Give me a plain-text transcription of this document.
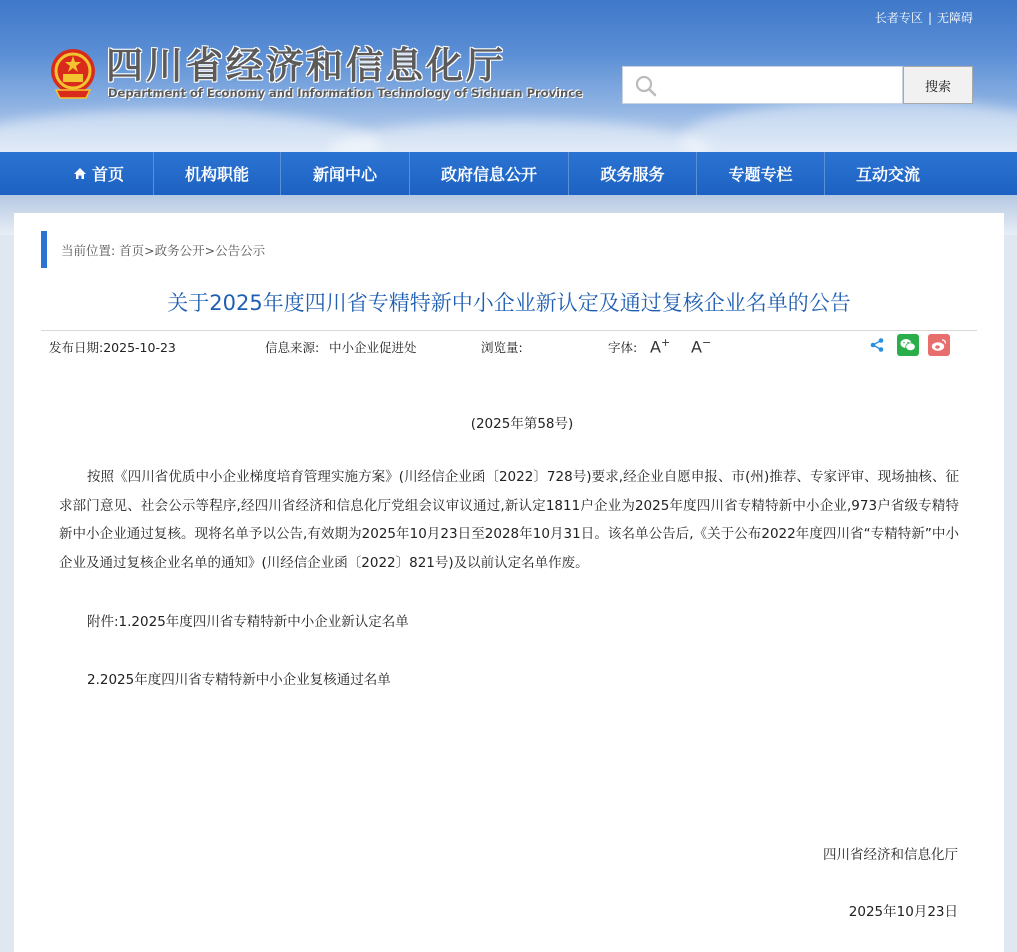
长者专区 | 无障碍
四川省经济和信息化厅
Department of Economy and Information Technology of Sichuan Province	搜索
首页	机构职能	新闻中心	政府信息公开	政务服务	专题专栏	互动交流
当前位置: 首页>政务公开>公告公示
关于2025年度四川省专精特新中小企业新认定及通过复核企业名单的公告
发布日期:2025-10-23	信息来源: 中小企业促进处	浏览量:	字体: A+ A−
(2025年第58号)

按照《四川省优质中小企业梯度培育管理实施方案》(川经信企业函〔2022〕728号)要求,经企业自愿申报、市(州)推荐、专家评审、现场抽核、征求部门意见、社会公示等程序,经四川省经济和信息化厅党组会议审议通过,新认定1811户企业为2025年度四川省专精特新中小企业,973户省级专精特新中小企业通过复核。现将名单予以公告,有效期为2025年10月23日至2028年10月31日。该名单公告后,《关于公布2022年度四川省“专精特新”中小企业及通过复核企业名单的通知》(川经信企业函〔2022〕821号)及以前认定名单作废。

附件:1.2025年度四川省专精特新中小企业新认定名单
2.2025年度四川省专精特新中小企业复核通过名单
四川省经济和信息化厅
2025年10月23日
